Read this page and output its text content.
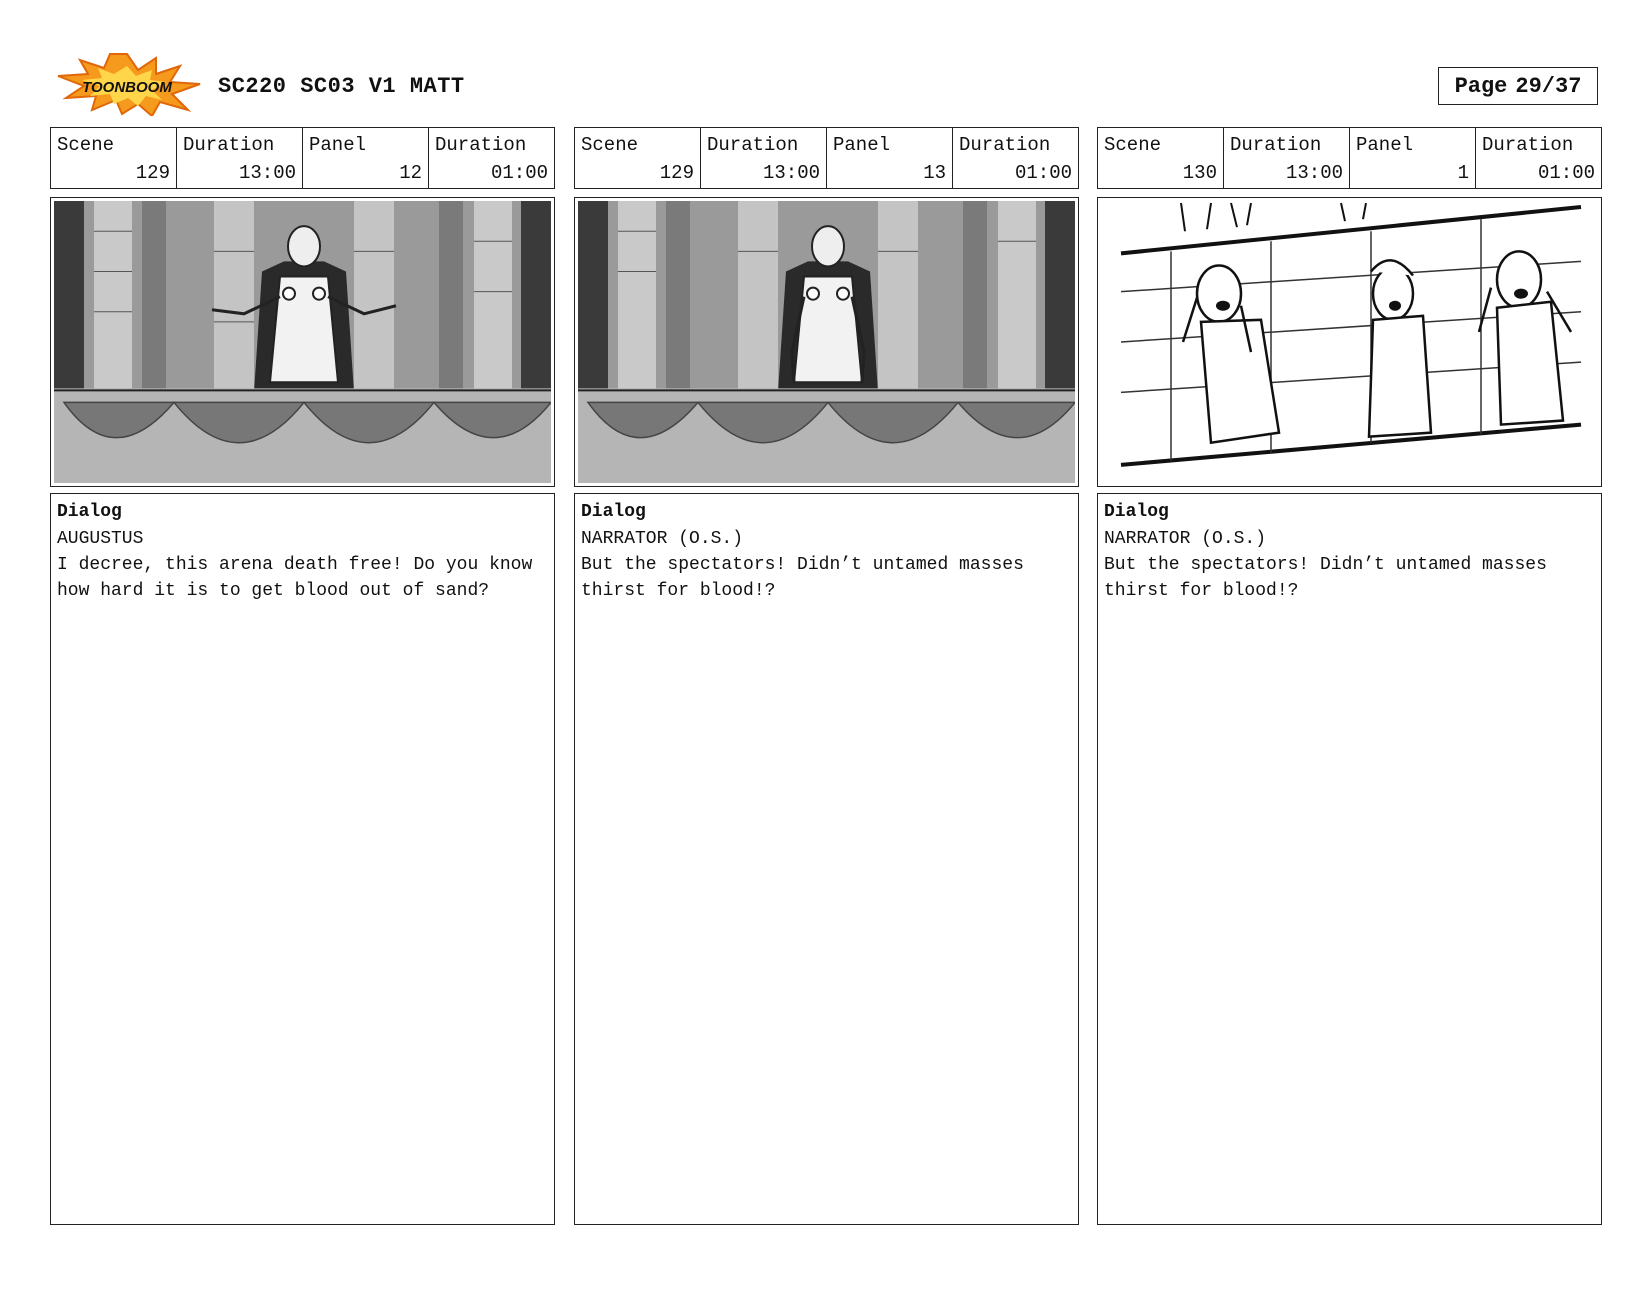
TOONBOOM SC220 SC03 V1 MATT	Page 29/37
Scene
129
Duration
13:00
Panel
12
Duration
01:00
Dialog
AUGUSTUS
I decree, this arena death free! Do you know how hard it is to get blood out of sand?
Scene
129
Duration
13:00
Panel
13
Duration
01:00
Dialog
NARRATOR (O.S.)
But the spectators! Didn’t untamed masses thirst for blood!?
Scene
130
Duration
13:00
Panel
1
Duration
01:00
Dialog
NARRATOR (O.S.)
But the spectators! Didn’t untamed masses thirst for blood!?
